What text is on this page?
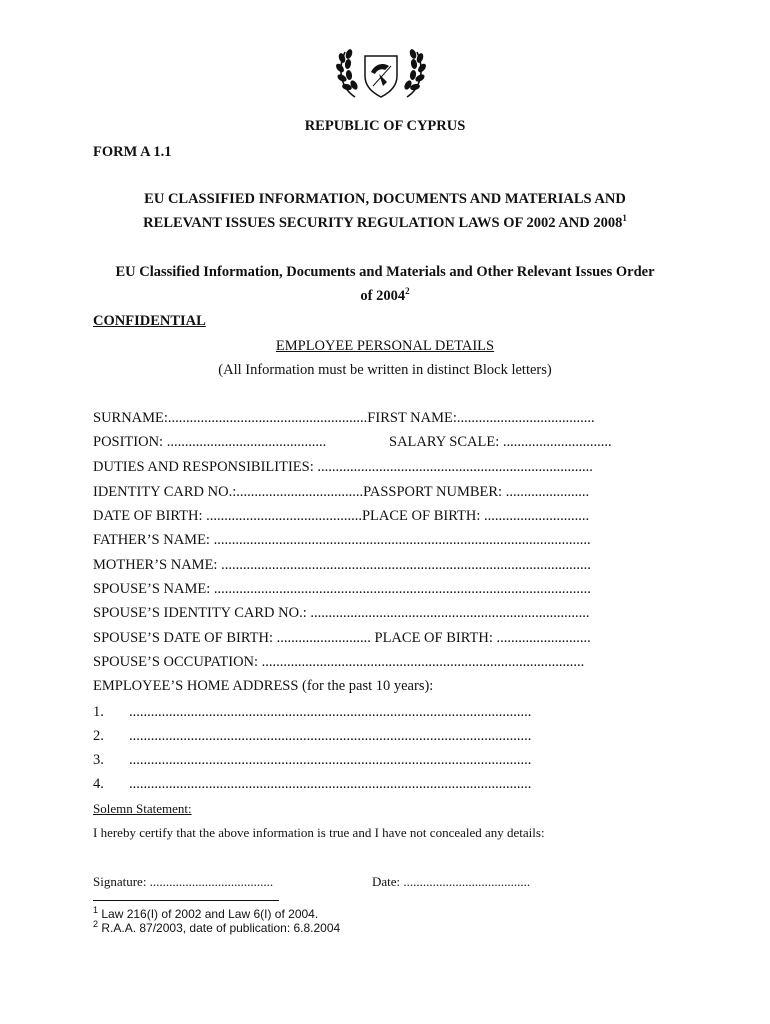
REPUBLIC OF CYPRUS
FORM A 1.1
EU CLASSIFIED INFORMATION, DOCUMENTS AND MATERIALS AND
RELEVANT ISSUES SECURITY REGULATION LAWS OF 2002 AND 2008$^1$
EU Classified Information, Documents and Materials and Other Relevant Issues Order
of 2004$^2$
CONFIDENTIAL
EMPLOYEE PERSONAL DETAILS
(All Information must be written in distinct Block letters)
SURNAME:.......................................................FIRST NAME:......................................
POSITION: ............................................	SALARY SCALE: ..............................
DUTIES AND RESPONSIBILITIES: ............................................................................
IDENTITY CARD NO.:...................................PASSPORT NUMBER: .......................
DATE OF BIRTH: ...........................................PLACE OF BIRTH: .............................
FATHER’S NAME: ........................................................................................................
MOTHER’S NAME: ......................................................................................................
SPOUSE’S NAME: ........................................................................................................
SPOUSE’S IDENTITY CARD NO.: .............................................................................
SPOUSE’S DATE OF BIRTH: .......................... PLACE OF BIRTH: ..........................
SPOUSE’S OCCUPATION: .........................................................................................
EMPLOYEE’S HOME ADDRESS (for the past 10 years):
1. ...............................................................................................................
2. ...............................................................................................................
3. ...............................................................................................................
4. ...............................................................................................................
Solemn Statement:
I hereby certify that the above information is true and I have not concealed any details:
Signature: ......................................	Date: .......................................
$^1$ Law 216(I) of 2002 and Law 6(I) of 2004.
$^2$ R.A.A. 87/2003, date of publication: 6.8.2004
